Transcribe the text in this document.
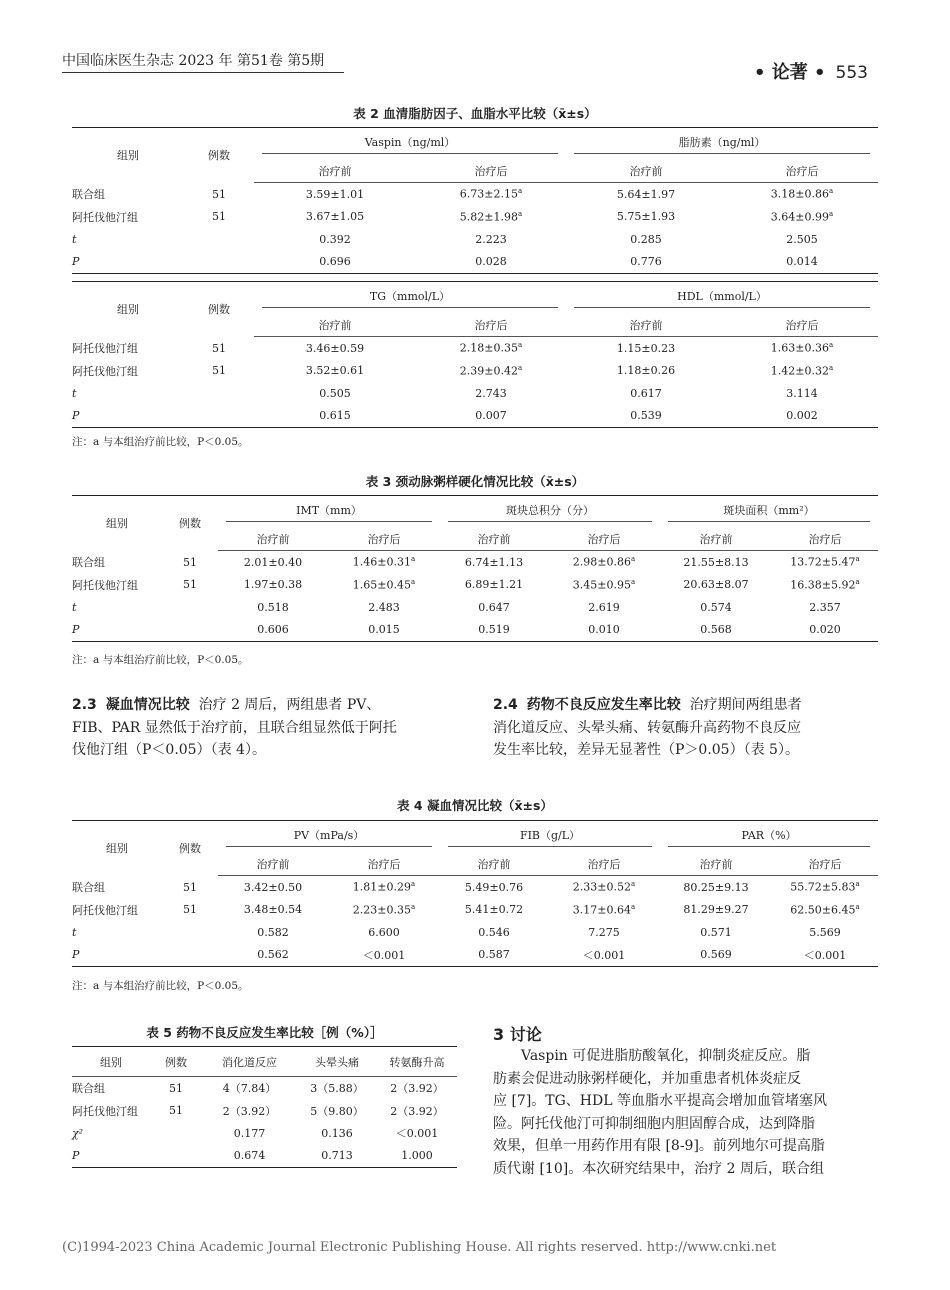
中国临床医生杂志 2023 年 第51卷 第5期
• 论著 • 553
表 2 血清脂肪因子、血脂水平比较（x̄±s）
组别	例数	Vaspin（ng/ml）		脂肪素（ng/ml）	

		治疗前	治疗后	治疗前	治疗后
联合组	51	3.59±1.01	6.73±2.15$^a$	5.64±1.97	3.18±0.86$^a$
阿托伐他汀组	51	3.67±1.05	5.82±1.98$^a$	5.75±1.93	3.64±0.99$^a$
t		0.392	2.223	0.285	2.505
P		0.696	0.028	0.776	0.014
组别	例数	TG（mmol/L）		HDL（mmol/L）	

		治疗前	治疗后	治疗前	治疗后
阿托伐他汀组	51	3.46±0.59	2.18±0.35$^a$	1.15±0.23	1.63±0.36$^a$
阿托伐他汀组	51	3.52±0.61	2.39±0.42$^a$	1.18±0.26	1.42±0.32$^a$
t		0.505	2.743	0.617	3.114
P		0.615	0.007	0.539	0.002
注：a 与本组治疗前比较，P＜0.05。
表 3 颈动脉粥样硬化情况比较（x̄±s）
组别	例数	IMT（mm）		斑块总积分（分）		斑块面积（mm²）	

		治疗前	治疗后	治疗前	治疗后	治疗前	治疗后
联合组	51	2.01±0.40	1.46±0.31$^a$	6.74±1.13	2.98±0.86$^a$	21.55±8.13	13.72±5.47$^a$
阿托伐他汀组	51	1.97±0.38	1.65±0.45$^a$	6.89±1.21	3.45±0.95$^a$	20.63±8.07	16.38±5.92$^a$
t		0.518	2.483	0.647	2.619	0.574	2.357
P		0.606	0.015	0.519	0.010	0.568	0.020
注：a 与本组治疗前比较，P＜0.05。
2.3 凝血情况比较 治疗 2 周后，两组患者 PV、
FIB、PAR 显然低于治疗前，且联合组显然低于阿托
伐他汀组（P＜0.05）（表 4）。
2.4 药物不良反应发生率比较 治疗期间两组患者
消化道反应、头晕头痛、转氨酶升高药物不良反应
发生率比较，差异无显著性（P＞0.05）（表 5）。
表 4 凝血情况比较（x̄±s）
组别	例数	PV（mPa/s）		FIB（g/L）		PAR（%）	

		治疗前	治疗后	治疗前	治疗后	治疗前	治疗后
联合组	51	3.42±0.50	1.81±0.29$^a$	5.49±0.76	2.33±0.52$^a$	80.25±9.13	55.72±5.83$^a$
阿托伐他汀组	51	3.48±0.54	2.23±0.35$^a$	5.41±0.72	3.17±0.64$^a$	81.29±9.27	62.50±6.45$^a$
t		0.582	6.600	0.546	7.275	0.571	5.569
P		0.562	＜0.001	0.587	＜0.001	0.569	＜0.001
注：a 与本组治疗前比较，P＜0.05。
表 5 药物不良反应发生率比较［例（%）］
组别	例数	消化道反应	头晕头痛	转氨酶升高
联合组	51	4（7.84）	3（5.88）	2（3.92）
阿托伐他汀组	51	2（3.92）	5（9.80）	2（3.92）
χ²		0.177	0.136	＜0.001
P		0.674	0.713	1.000
3 讨论
Vaspin 可促进脂肪酸氧化，抑制炎症反应。脂
肪素会促进动脉粥样硬化，并加重患者机体炎症反
应 [7]。TG、HDL 等血脂水平提高会增加血管堵塞风
险。阿托伐他汀可抑制细胞内胆固醇合成，达到降脂
效果，但单一用药作用有限 [8-9]。前列地尔可提高脂
质代谢 [10]。本次研究结果中，治疗 2 周后，联合组
(C)1994-2023 China Academic Journal Electronic Publishing House. All rights reserved. http://www.cnki.net
